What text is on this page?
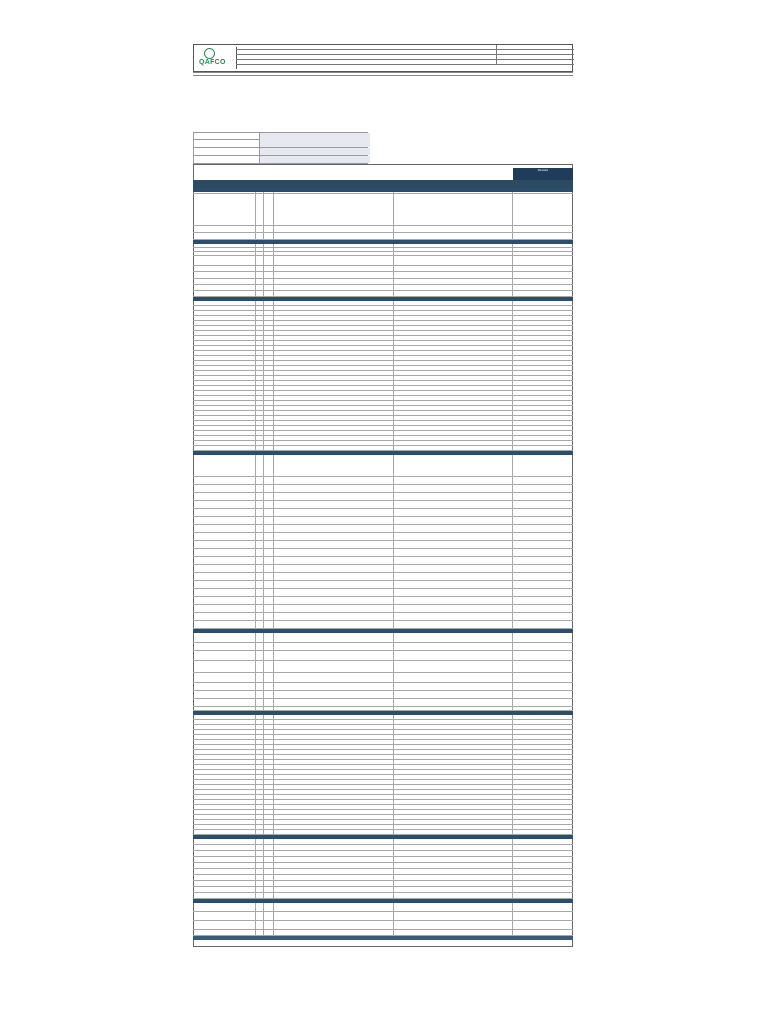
QAFCO
Remarks
